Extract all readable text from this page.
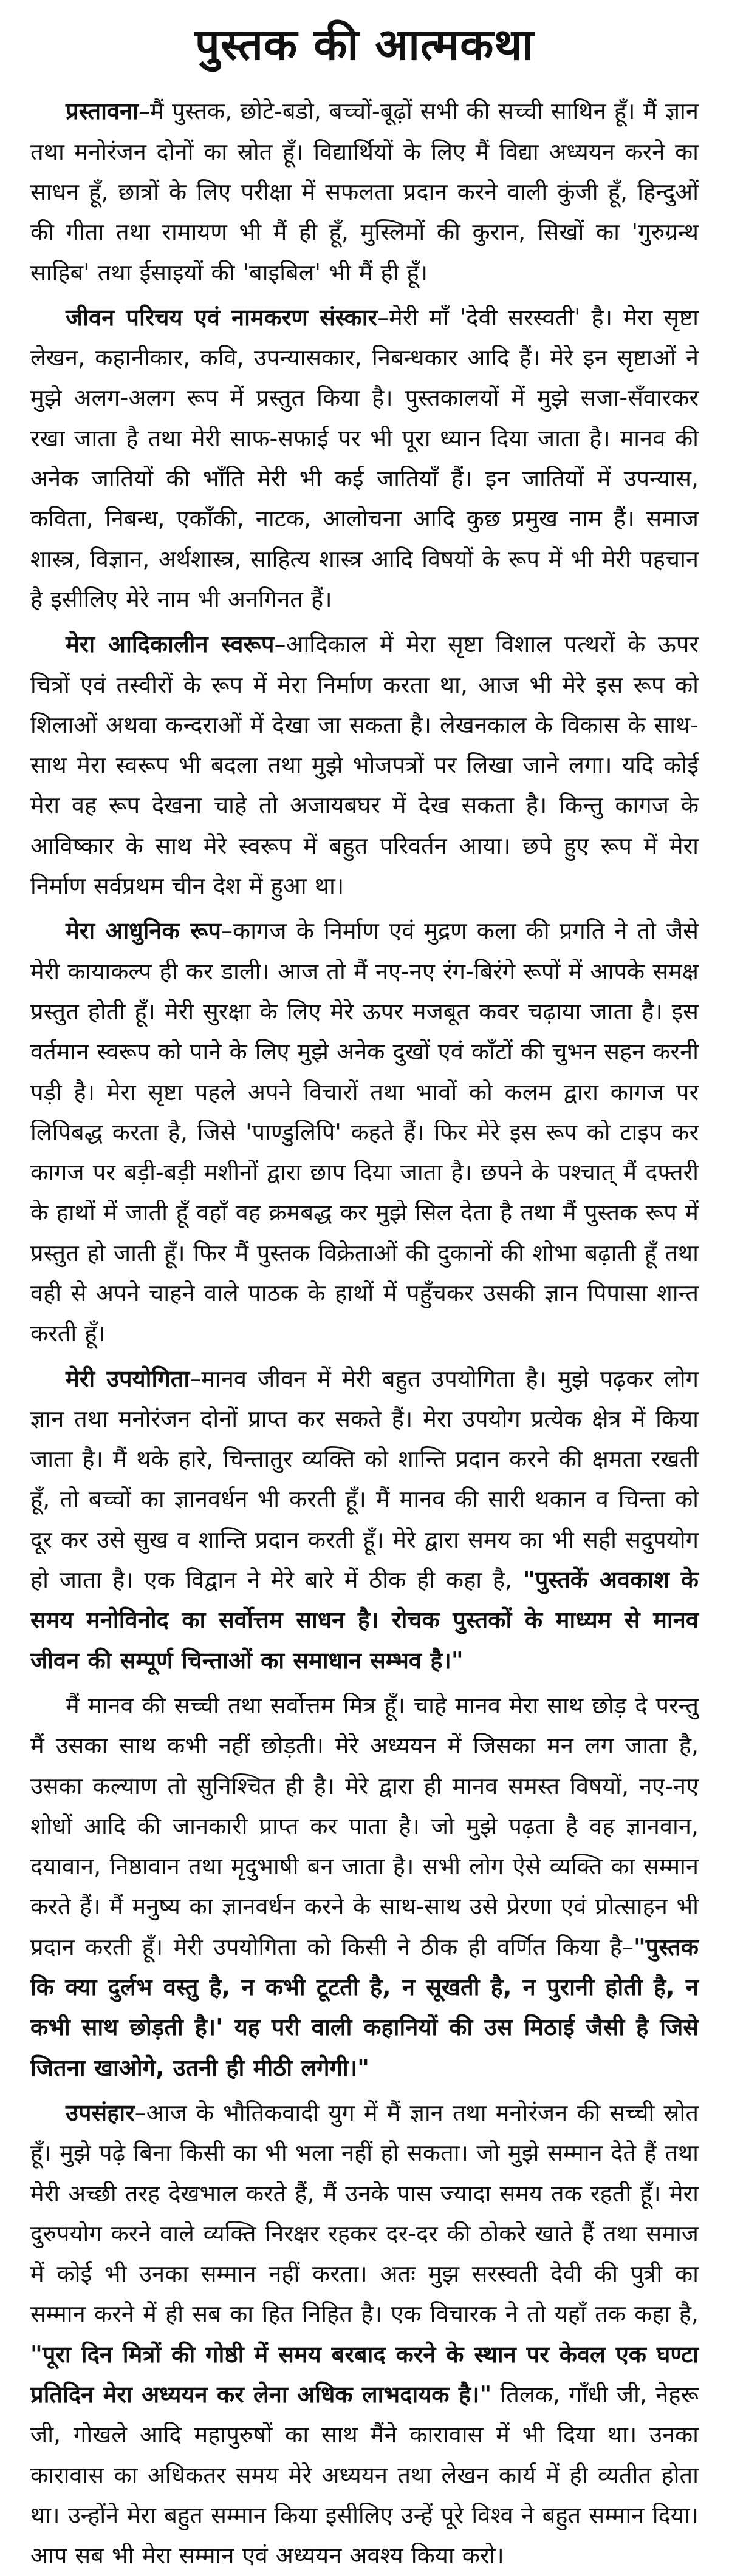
पुस्तक की आत्मकथा

प्रस्तावना–मैं पुस्तक, छोटे-बडो, बच्चों-बूढ़ों सभी की सच्ची साथिन हूँ। मैं ज्ञान तथा मनोरंजन दोनों का स्रोत हूँ। विद्यार्थियों के लिए मैं विद्या अध्ययन करने का साधन हूँ, छात्रों के लिए परीक्षा में सफलता प्रदान करने वाली कुंजी हूँ, हिन्दुओं की गीता तथा रामायण भी मैं ही हूँ, मुस्लिमों की कुरान, सिखों का 'गुरुग्रन्थ साहिब' तथा ईसाइयों की 'बाइबिल' भी मैं ही हूँ।

जीवन परिचय एवं नामकरण संस्कार–मेरी माँ 'देवी सरस्वती' है। मेरा सृष्टा लेखन, कहानीकार, कवि, उपन्यासकार, निबन्धकार आदि हैं। मेरे इन सृष्टाओं ने मुझे अलग-अलग रूप में प्रस्तुत किया है। पुस्तकालयों में मुझे सजा-सँवारकर रखा जाता है तथा मेरी साफ-सफाई पर भी पूरा ध्यान दिया जाता है। मानव की अनेक जातियों की भाँति मेरी भी कई जातियाँ हैं। इन जातियों में उपन्यास, कविता, निबन्ध, एकाँकी, नाटक, आलोचना आदि कुछ प्रमुख नाम हैं। समाज शास्त्र, विज्ञान, अर्थशास्त्र, साहित्य शास्त्र आदि विषयों के रूप में भी मेरी पहचान है इसीलिए मेरे नाम भी अनगिनत हैं।

मेरा आदिकालीन स्वरूप–आदिकाल में मेरा सृष्टा विशाल पत्थरों के ऊपर चित्रों एवं तस्वीरों के रूप में मेरा निर्माण करता था, आज भी मेरे इस रूप को शिलाओं अथवा कन्दराओं में देखा जा सकता है। लेखनकाल के विकास के साथ-साथ मेरा स्वरूप भी बदला तथा मुझे भोजपत्रों पर लिखा जाने लगा। यदि कोई मेरा वह रूप देखना चाहे तो अजायबघर में देख सकता है। किन्तु कागज के आविष्कार के साथ मेरे स्वरूप में बहुत परिवर्तन आया। छपे हुए रूप में मेरा निर्माण सर्वप्रथम चीन देश में हुआ था।

मेरा आधुनिक रूप–कागज के निर्माण एवं मुद्रण कला की प्रगति ने तो जैसे मेरी कायाकल्प ही कर डाली। आज तो मैं नए-नए रंग-बिरंगे रूपों में आपके समक्ष प्रस्तुत होती हूँ। मेरी सुरक्षा के लिए मेरे ऊपर मजबूत कवर चढ़ाया जाता है। इस वर्तमान स्वरूप को पाने के लिए मुझे अनेक दुखों एवं काँटों की चुभन सहन करनी पड़ी है। मेरा सृष्टा पहले अपने विचारों तथा भावों को कलम द्वारा कागज पर लिपिबद्ध करता है, जिसे 'पाण्डुलिपि' कहते हैं। फिर मेरे इस रूप को टाइप कर कागज पर बड़ी-बड़ी मशीनों द्वारा छाप दिया जाता है। छपने के पश्चात् मैं दफ्तरी के हाथों में जाती हूँ वहाँ वह क्रमबद्ध कर मुझे सिल देता है तथा मैं पुस्तक रूप में प्रस्तुत हो जाती हूँ। फिर मैं पुस्तक विक्रेताओं की दुकानों की शोभा बढ़ाती हूँ तथा वही से अपने चाहने वाले पाठक के हाथों में पहुँचकर उसकी ज्ञान पिपासा शान्त करती हूँ।

मेरी उपयोगिता–मानव जीवन में मेरी बहुत उपयोगिता है। मुझे पढ़कर लोग ज्ञान तथा मनोरंजन दोनों प्राप्त कर सकते हैं। मेरा उपयोग प्रत्येक क्षेत्र में किया जाता है। मैं थके हारे, चिन्तातुर व्यक्ति को शान्ति प्रदान करने की क्षमता रखती हूँ, तो बच्चों का ज्ञानवर्धन भी करती हूँ। मैं मानव की सारी थकान व चिन्ता को दूर कर उसे सुख व शान्ति प्रदान करती हूँ। मेरे द्वारा समय का भी सही सदुपयोग हो जाता है। एक विद्वान ने मेरे बारे में ठीक ही कहा है, "पुस्तकें अवकाश के समय मनोविनोद का सर्वोत्तम साधन है। रोचक पुस्तकों के माध्यम से मानव जीवन की सम्पूर्ण चिन्ताओं का समाधान सम्भव है।"

मैं मानव की सच्ची तथा सर्वोत्तम मित्र हूँ। चाहे मानव मेरा साथ छोड़ दे परन्तु मैं उसका साथ कभी नहीं छोड़ती। मेरे अध्ययन में जिसका मन लग जाता है, उसका कल्याण तो सुनिश्चित ही है। मेरे द्वारा ही मानव समस्त विषयों, नए-नए शोधों आदि की जानकारी प्राप्त कर पाता है। जो मुझे पढ़ता है वह ज्ञानवान, दयावान, निष्ठावान तथा मृदुभाषी बन जाता है। सभी लोग ऐसे व्यक्ति का सम्मान करते हैं। मैं मनुष्य का ज्ञानवर्धन करने के साथ-साथ उसे प्रेरणा एवं प्रोत्साहन भी प्रदान करती हूँ। मेरी उपयोगिता को किसी ने ठीक ही वर्णित किया है–"पुस्तक कि क्या दुर्लभ वस्तु है, न कभी टूटती है, न सूखती है, न पुरानी होती है, न कभी साथ छोड़ती है।' यह परी वाली कहानियों की उस मिठाई जैसी है जिसे जितना खाओगे, उतनी ही मीठी लगेगी।"

उपसंहार–आज के भौतिकवादी युग में मैं ज्ञान तथा मनोरंजन की सच्ची स्रोत हूँ। मुझे पढ़े बिना किसी का भी भला नहीं हो सकता। जो मुझे सम्मान देते हैं तथा मेरी अच्छी तरह देखभाल करते हैं, मैं उनके पास ज्यादा समय तक रहती हूँ। मेरा दुरुपयोग करने वाले व्यक्ति निरक्षर रहकर दर-दर की ठोकरे खाते हैं तथा समाज में कोई भी उनका सम्मान नहीं करता। अतः मुझ सरस्वती देवी की पुत्री का सम्मान करने में ही सब का हित निहित है। एक विचारक ने तो यहाँ तक कहा है, "पूरा दिन मित्रों की गोष्ठी में समय बरबाद करने के स्थान पर केवल एक घण्टा प्रतिदिन मेरा अध्ययन कर लेना अधिक लाभदायक है।" तिलक, गाँधी जी, नेहरू जी, गोखले आदि महापुरुषों का साथ मैंने कारावास में भी दिया था। उनका कारावास का अधिकतर समय मेरे अध्ययन तथा लेखन कार्य में ही व्यतीत होता था। उन्होंने मेरा बहुत सम्मान किया इसीलिए उन्हें पूरे विश्व ने बहुत सम्मान दिया। आप सब भी मेरा सम्मान एवं अध्ययन अवश्य किया करो।
